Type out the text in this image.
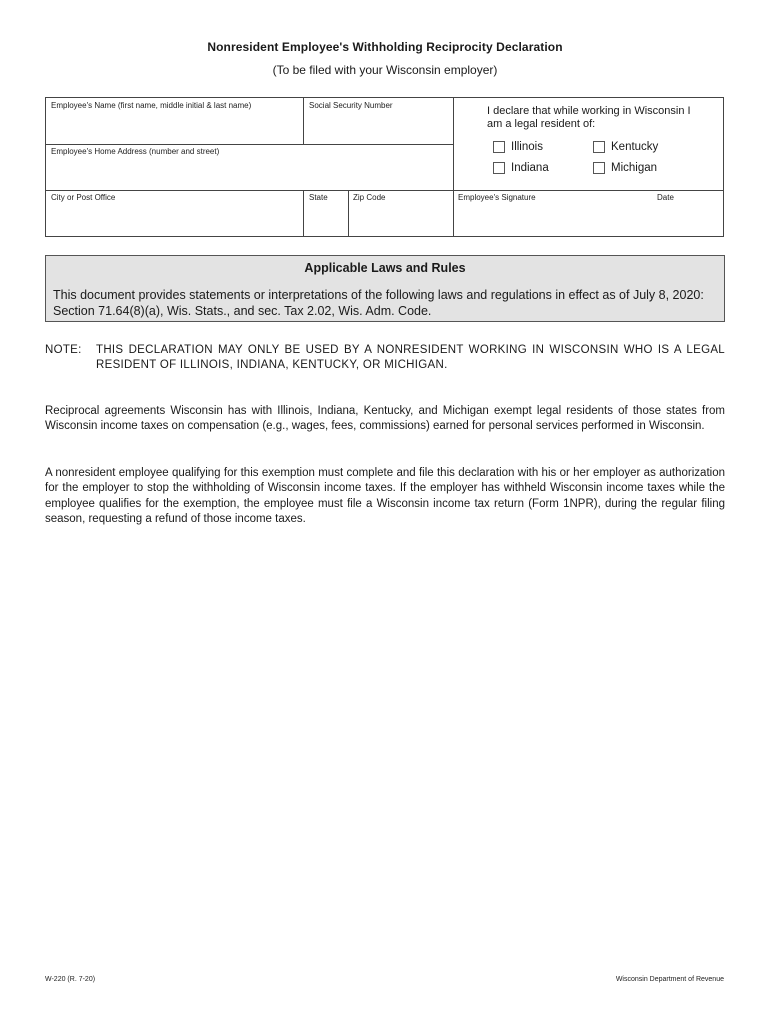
Nonresident Employee's Withholding Reciprocity Declaration
(To be filed with your Wisconsin employer)
Employee's Name (first name, middle initial & last name)	Social Security Number
Employee's Home Address (number and street)
City or Post Office	State	Zip Code	Employee's Signature	Date
I declare that while working in Wisconsin I am a legal resident of:
Illinois	Kentucky
Indiana	Michigan
Applicable Laws and Rules
This document provides statements or interpretations of the following laws and regulations in effect as of July 8, 2020: Section 71.64(8)(a), Wis. Stats., and sec. Tax 2.02, Wis. Adm. Code.
NOTE: THIS DECLARATION MAY ONLY BE USED BY A NONRESIDENT WORKING IN WISCONSIN WHO IS A LEGAL RESIDENT OF ILLINOIS, INDIANA, KENTUCKY, OR MICHIGAN.
Reciprocal agreements Wisconsin has with Illinois, Indiana, Kentucky, and Michigan exempt legal residents of those states from Wisconsin income taxes on compensation (e.g., wages, fees, commissions) earned for personal services performed in Wisconsin.
A nonresident employee qualifying for this exemption must complete and file this declaration with his or her employer as authorization for the employer to stop the withholding of Wisconsin income taxes. If the employer has withheld Wisconsin income taxes while the employee qualifies for the exemption, the employee must file a Wisconsin income tax return (Form 1NPR), during the regular filing season, requesting a refund of those income taxes.
W-220 (R. 7-20)	Wisconsin Department of Revenue
